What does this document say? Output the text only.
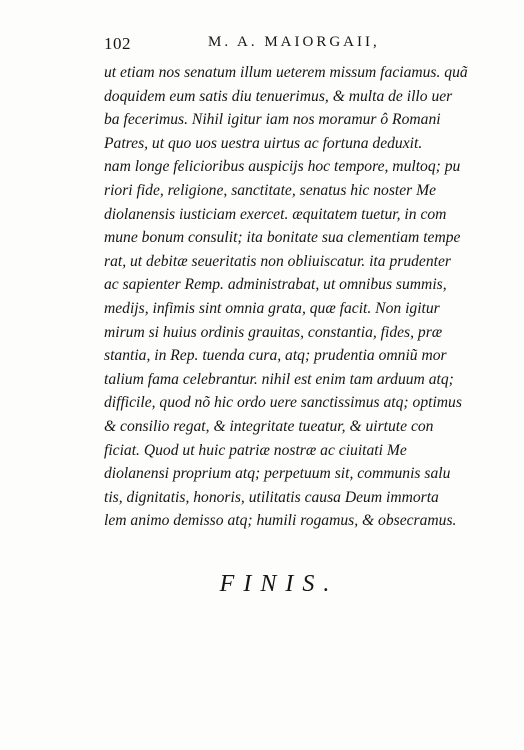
102	M. A. MAIORGAII,
ut etiam nos senatum illum ueterem missum faciamus. quã
doquidem eum satis diu tenuerimus, & multa de illo uer
ba fecerimus. Nihil igitur iam nos moramur ô Romani
Patres, ut quo uos uestra uirtus ac fortuna deduxit.
nam longe felicioribus auspicijs hoc tempore, multoq; pu
riori fide, religione, sanctitate, senatus hic noster Me
diolanensis iusticiam exercet. æquitatem tuetur, in com
mune bonum consulit; ita bonitate sua clementiam tempe
rat, ut debitæ seueritatis non obliuiscatur. ita prudenter
ac sapienter Remp. administrabat, ut omnibus summis,
medijs, infimis sint omnia grata, quæ facit. Non igitur
mirum si huius ordinis grauitas, constantia, fides, præ
stantia, in Rep. tuenda cura, atq; prudentia omniũ mor
talium fama celebrantur. nihil est enim tam arduum atq;
difficile, quod nõ hic ordo uere sanctissimus atq; optimus
& consilio regat, & integritate tueatur, & uirtute con
ficiat. Quod ut huic patriæ nostræ ac ciuitati Me
diolanensi proprium atq; perpetuum sit, communis salu
tis, dignitatis, honoris, utilitatis causa Deum immorta
lem animo demisso atq; humili rogamus, & obsecramus.
FINIS.
